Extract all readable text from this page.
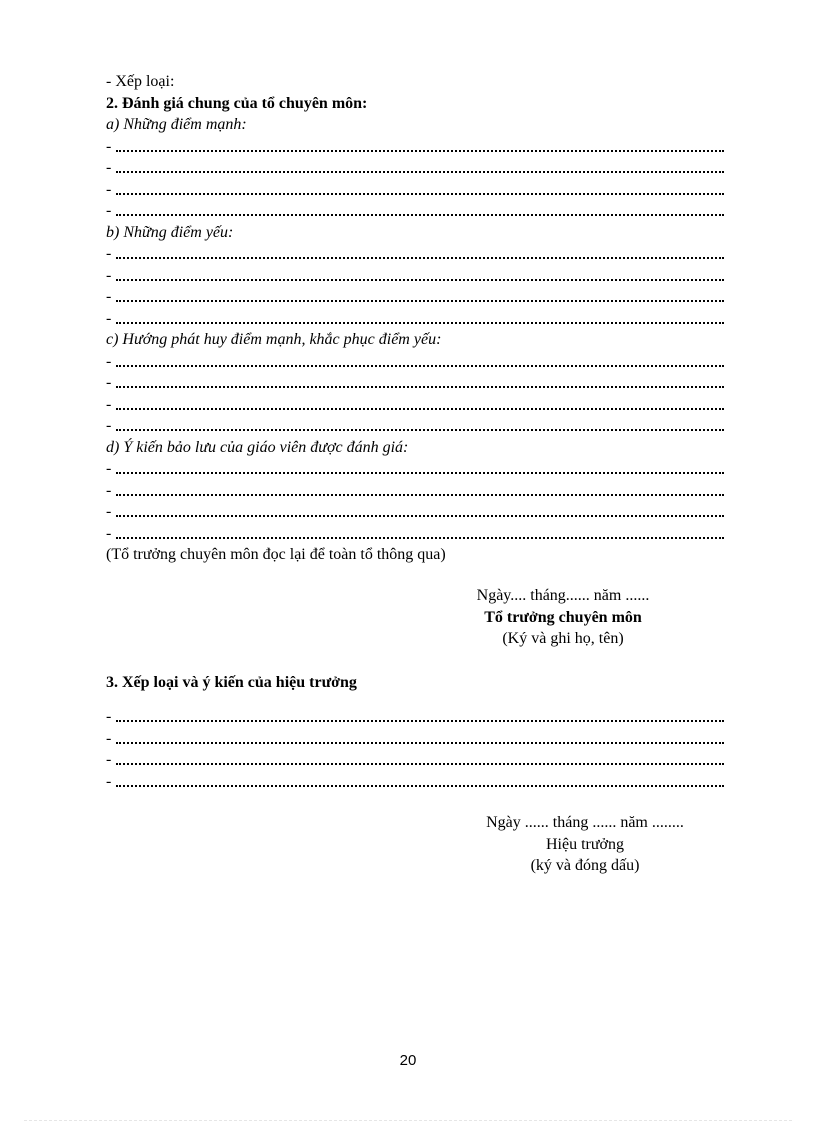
- Xếp loại:
2. Đánh giá chung của tổ chuyên môn:
a) Những điểm mạnh:
-
-
-
-
b) Những điểm yếu:
-
-
-
-
c) Hướng phát huy điểm mạnh, khắc phục điểm yếu:
-
-
-
-
d) Ý kiến bảo lưu của giáo viên được đánh giá:
-
-
-
-
(Tổ trưởng chuyên môn đọc lại để toàn tổ thông qua)
Ngày.... tháng...... năm ......
Tổ trưởng chuyên môn
(Ký và ghi họ, tên)
3. Xếp loại và ý kiến của hiệu trưởng
-
-
-
-
Ngày ...... tháng ...... năm ........
Hiệu trưởng
(ký và đóng dấu)
20
